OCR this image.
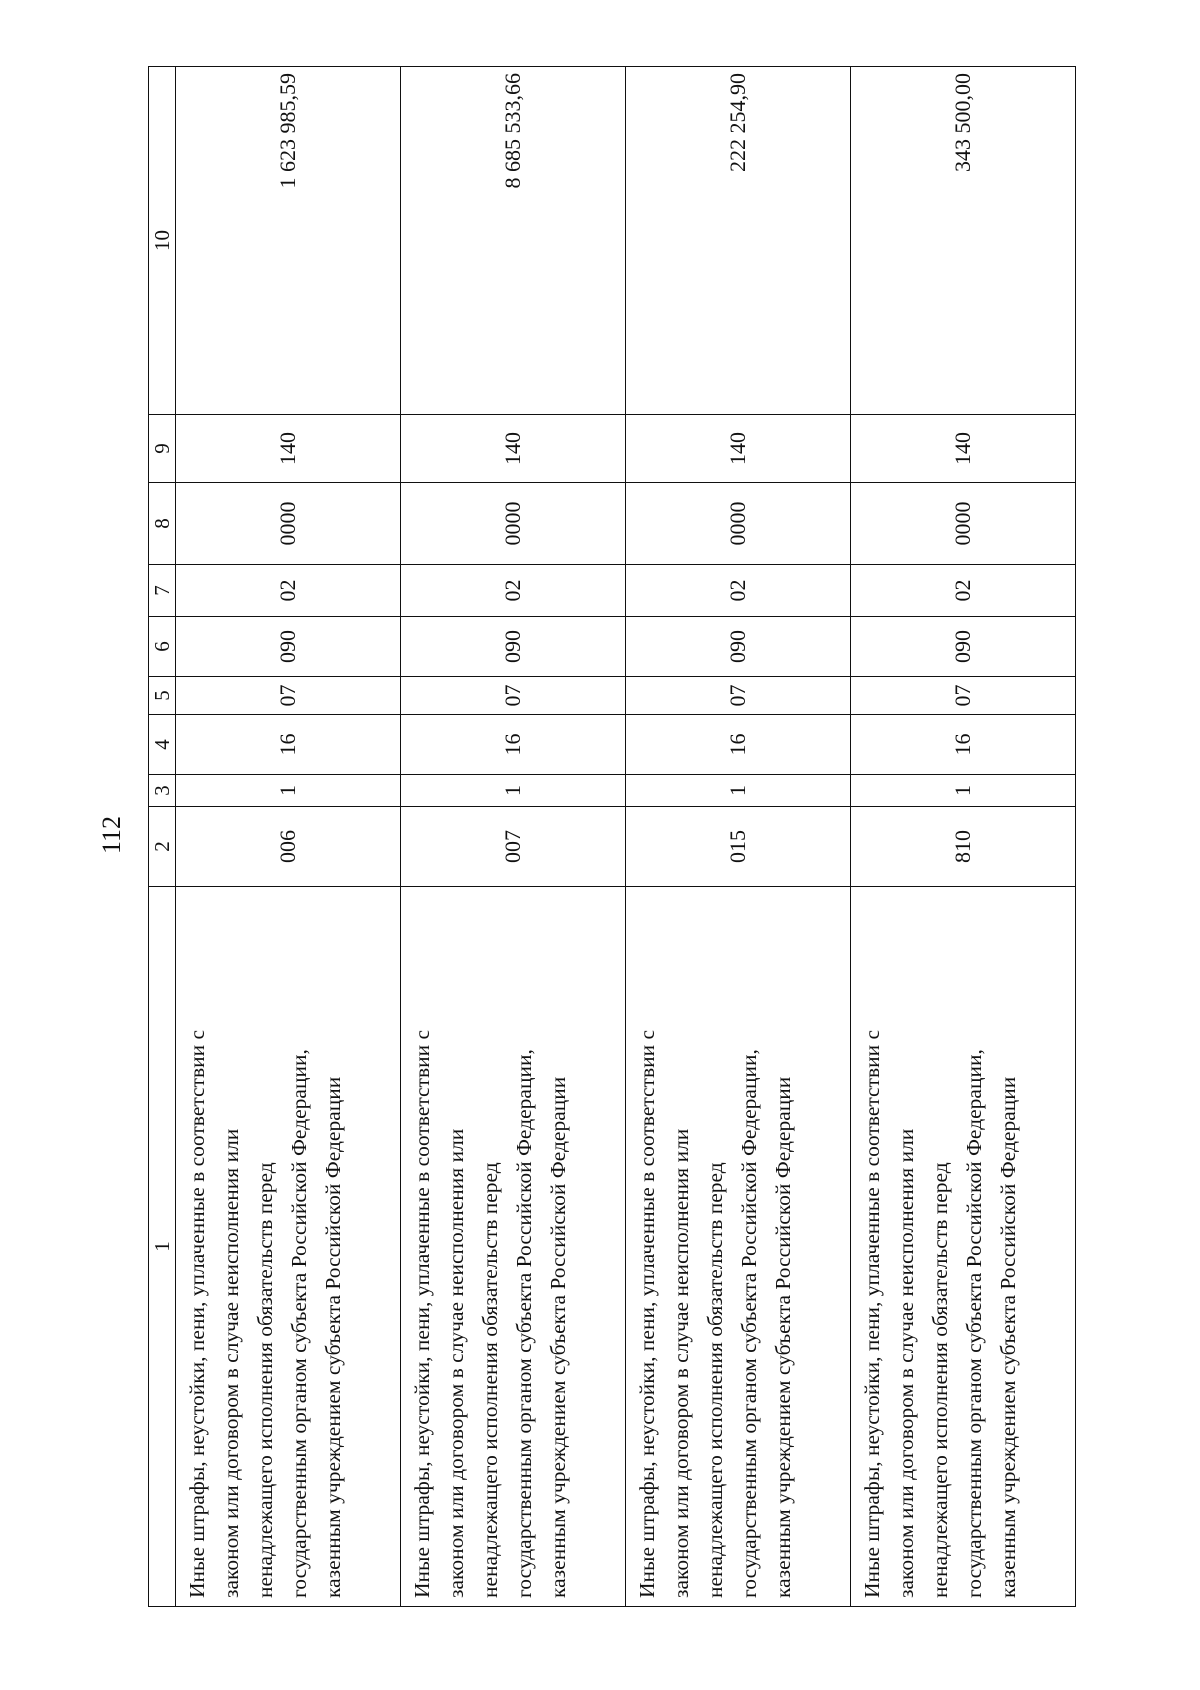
112
1	2	3	4	5	6	7	8	9	10

Иные штрафы, неустойки, пени, уплаченные в соответствии с законом или договором в случае неисполнения или ненадлежащего исполнения обязательств перед государственным органом субъекта Российской Федерации, казенным учреждением субъекта Российской Федерации	006	1	16	07	090	02	0000	140	1 623 985,59

Иные штрафы, неустойки, пени, уплаченные в соответствии с законом или договором в случае неисполнения или ненадлежащего исполнения обязательств перед государственным органом субъекта Российской Федерации, казенным учреждением субъекта Российской Федерации	007	1	16	07	090	02	0000	140	8 685 533,66

Иные штрафы, неустойки, пени, уплаченные в соответствии с законом или договором в случае неисполнения или ненадлежащего исполнения обязательств перед государственным органом субъекта Российской Федерации, казенным учреждением субъекта Российской Федерации	015	1	16	07	090	02	0000	140	222 254,90

Иные штрафы, неустойки, пени, уплаченные в соответствии с законом или договором в случае неисполнения или ненадлежащего исполнения обязательств перед государственным органом субъекта Российской Федерации, казенным учреждением субъекта Российской Федерации	810	1	16	07	090	02	0000	140	343 500,00
